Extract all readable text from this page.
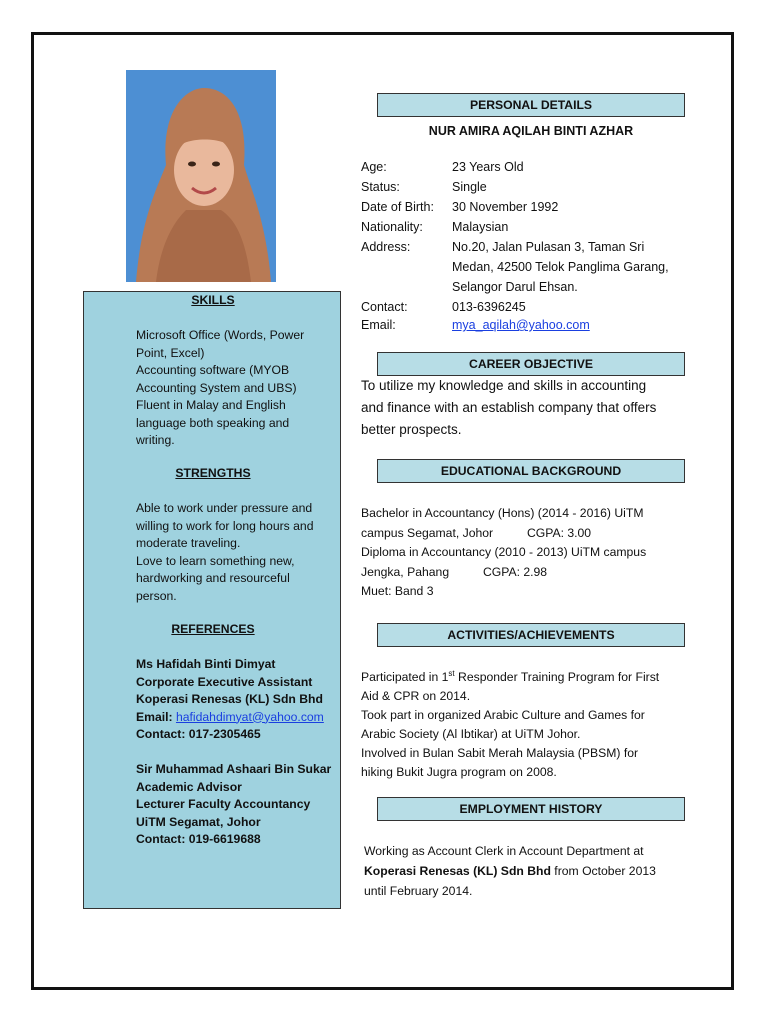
SKILLS
Microsoft Office (Words, Power
Point, Excel)
Accounting software (MYOB
Accounting System and UBS)
Fluent in Malay and English
language both speaking and
writing.
STRENGTHS
Able to work under pressure and
willing to work for long hours and
moderate traveling.
Love to learn something new,
hardworking and resourceful
person.
REFERENCES
Ms Hafidah Binti Dimyat
Corporate Executive Assistant
Koperasi Renesas (KL) Sdn Bhd
Email: hafidahdimyat@yahoo.com
Contact: 017-2305465
Sir Muhammad Ashaari Bin Sukar
Academic Advisor
Lecturer Faculty Accountancy
UiTM Segamat, Johor
Contact: 019-6619688
PERSONAL DETAILS
NUR AMIRA AQILAH BINTI AZHAR
Age:	23 Years Old
Status:	Single
Date of Birth: 30 November 1992
Nationality: Malaysian
Address:	No.20, Jalan Pulasan 3, Taman Sri
Medan, 42500 Telok Panglima Garang,
Selangor Darul Ehsan.
Contact:	013-6396245
Email:	mya_aqilah@yahoo.com
CAREER OBJECTIVE
To utilize my knowledge and skills in accounting
and finance with an establish company that offers
better prospects.
EDUCATIONAL BACKGROUND
Bachelor in Accountancy (Hons) (2014 - 2016) UiTM
campus Segamat, Johor          CGPA: 3.00
Diploma in Accountancy (2010 - 2013) UiTM campus
Jengka, Pahang          CGPA: 2.98
Muet: Band 3
ACTIVITIES/ACHIEVEMENTS
Participated in 1st Responder Training Program for First
Aid & CPR on 2014.
Took part in organized Arabic Culture and Games for
Arabic Society (Al Ibtikar) at UiTM Johor.
Involved in Bulan Sabit Merah Malaysia (PBSM) for
hiking Bukit Jugra program on 2008.
EMPLOYMENT HISTORY
Working as Account Clerk in Account Department at
Koperasi Renesas (KL) Sdn Bhd from October 2013
until February 2014.
